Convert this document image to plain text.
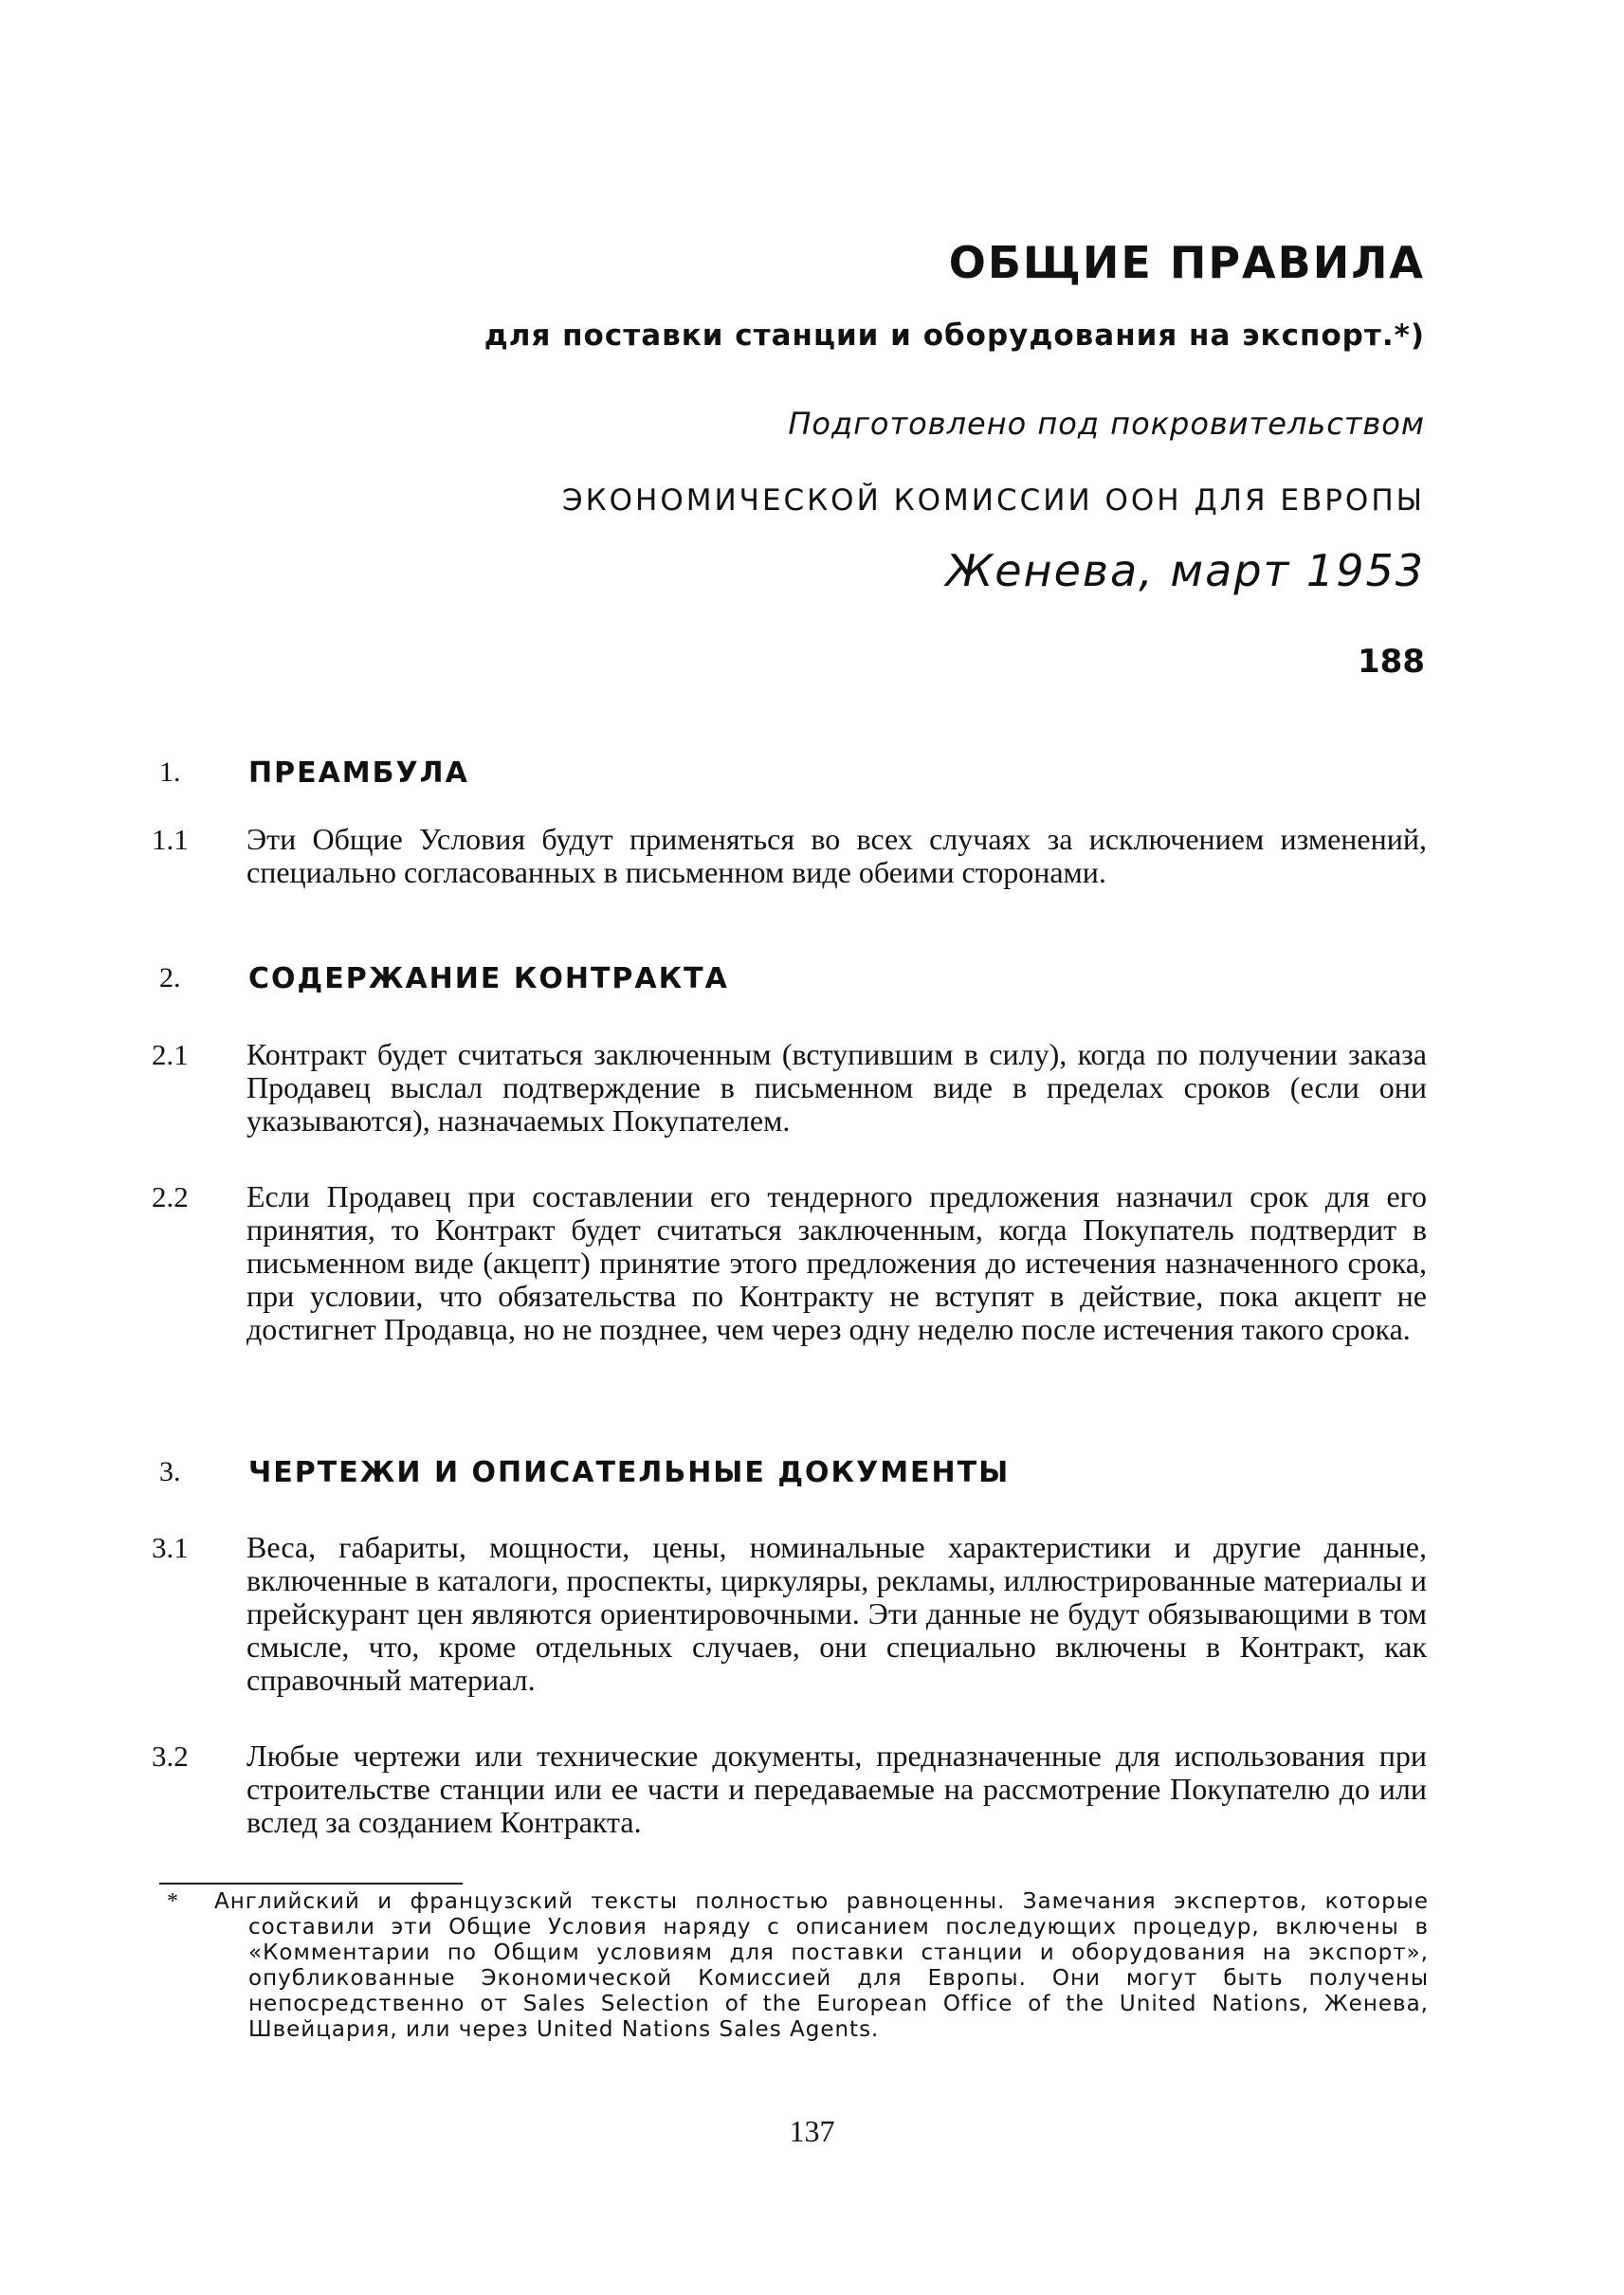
ОБЩИЕ ПРАВИЛА
для поставки станции и оборудования на экспорт.*)
Подготовлено под покровительством
ЭКОНОМИЧЕСКОЙ КОМИССИИ ООН ДЛЯ ЕВРОПЫ
Женева, март 1953
188
1. ПРЕАМБУЛА
1.1 Эти Общие Условия будут применяться во всех случаях за исключением изменений, специально согласованных в письменном виде обеими сторонами.
2. СОДЕРЖАНИЕ КОНТРАКТА
2.1 Контракт будет считаться заключенным (вступившим в силу), когда по получении заказа Продавец выслал подтверждение в письменном виде в пределах сроков (если они указываются), назначаемых Покупателем.
2.2 Если Продавец при составлении его тендерного предложения назначил срок для его принятия, то Контракт будет считаться заключенным, когда Покупатель подтвердит в письменном виде (акцепт) принятие этого предложения до истечения назначенного срока, при условии, что обязательства по Контракту не вступят в действие, пока акцепт не достигнет Продавца, но не позднее, чем через одну неделю после истечения такого срока.
3. ЧЕРТЕЖИ И ОПИСАТЕЛЬНЫЕ ДОКУМЕНТЫ
3.1 Веса, габариты, мощности, цены, номинальные характеристики и другие данные, включенные в каталоги, проспекты, циркуляры, рекламы, иллюстрированные материалы и прейскурант цен являются ориентировочными. Эти данные не будут обязывающими в том смысле, что, кроме отдельных случаев, они специально включены в Контракт, как справочный материал.
3.2 Любые чертежи или технические документы, предназначенные для использования при строительстве станции или ее части и передаваемые на рассмотрение Покупателю до или вслед за созданием Контракта.
* Английский и французский тексты полностью равноценны. Замечания экспертов, которые составили эти Общие Условия наряду с описанием последующих процедур, включены в «Комментарии по Общим условиям для поставки станции и оборудования на экспорт», опубликованные Экономической Комиссией для Европы. Они могут быть получены непосредственно от Sales Selection of the European Office of the United Nations, Женева, Швейцария, или через United Nations Sales Agents.
137
